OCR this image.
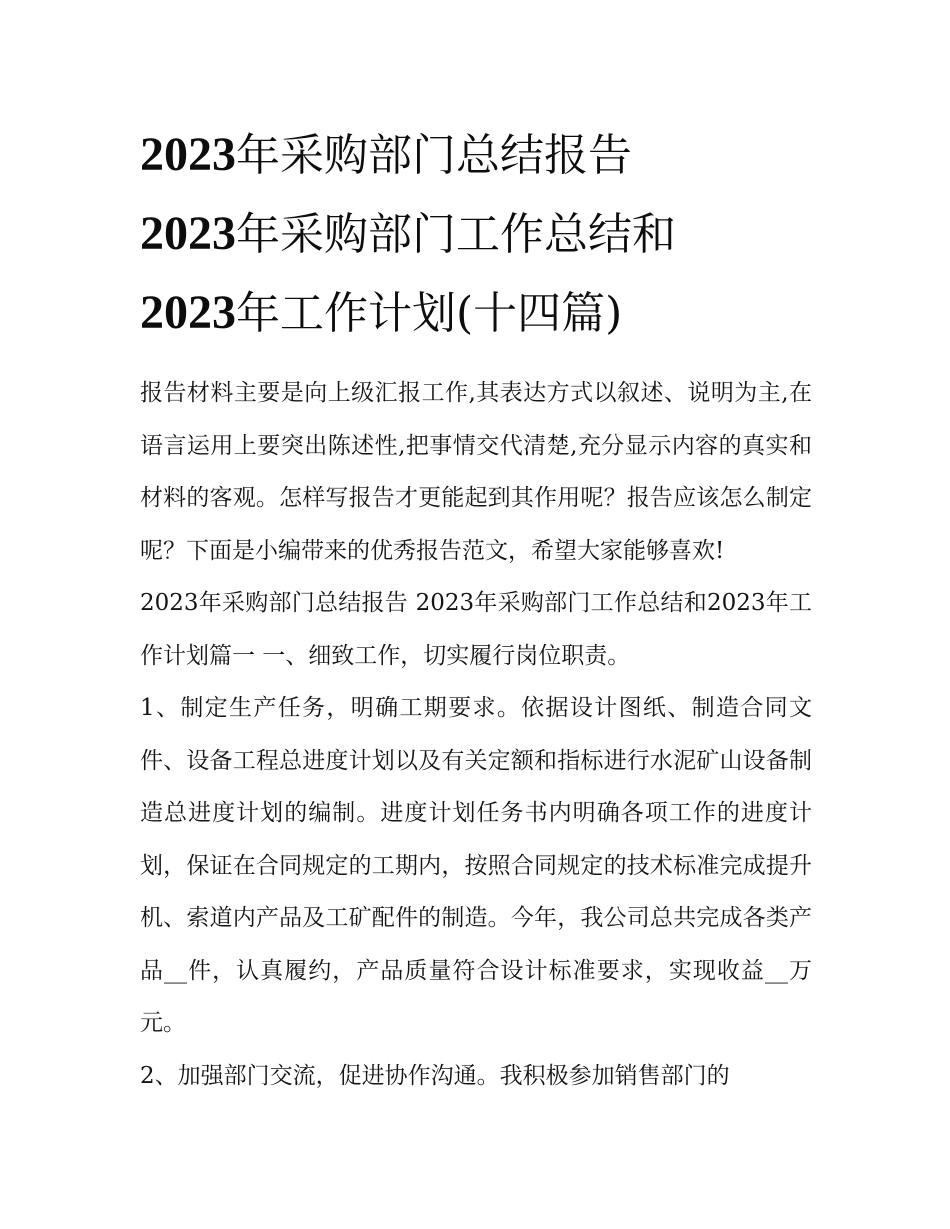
2023年采购部门总结报告
2023年采购部门工作总结和
2023年工作计划(十四篇)

报告材料主要是向上级汇报工作,其表达方式以叙述、说明为主,在语言运用上要突出陈述性,把事情交代清楚,充分显示内容的真实和材料的客观。怎样写报告才更能起到其作用呢？报告应该怎么制定呢？下面是小编带来的优秀报告范文，希望大家能够喜欢!

2023年采购部门总结报告 2023年采购部门工作总结和2023年工作计划篇一 一、细致工作，切实履行岗位职责。

1、制定生产任务，明确工期要求。依据设计图纸、制造合同文件、设备工程总进度计划以及有关定额和指标进行水泥矿山设备制造总进度计划的编制。进度计划任务书内明确各项工作的进度计划，保证在合同规定的工期内，按照合同规定的技术标准完成提升机、索道内产品及工矿配件的制造。今年，我公司总共完成各类产品__件，认真履约，产品质量符合设计标准要求，实现收益__万元。

2、加强部门交流，促进协作沟通。我积极参加销售部门的
